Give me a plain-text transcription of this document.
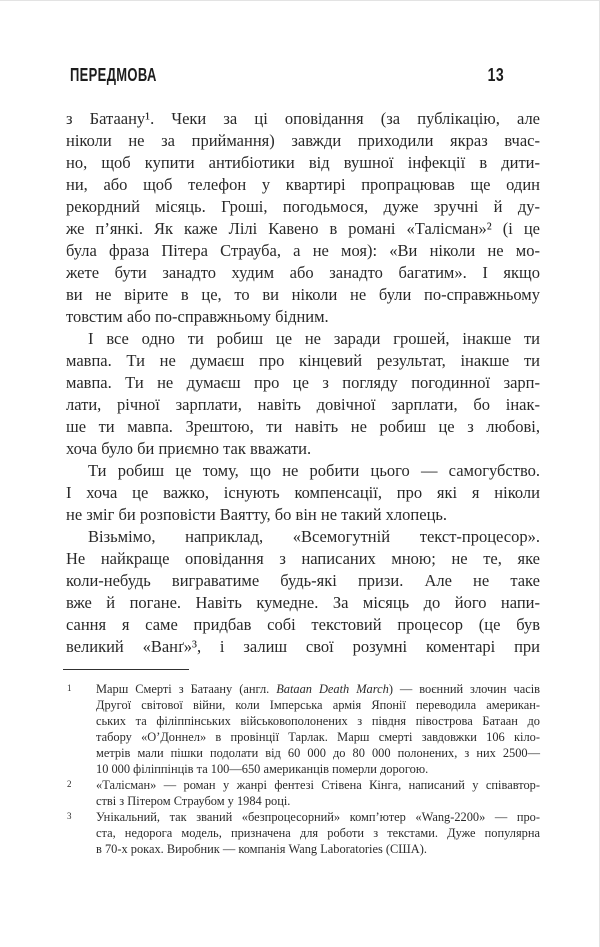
ПЕРЕДМОВА	13
з Батаану¹. Чеки за ці оповідання (за публікацію, але
ніколи не за приймання) завжди приходили якраз вчас-
но, щоб купити антибіотики від вушної інфекції в дити-
ни, або щоб телефон у квартирі пропрацював ще один
рекордний місяць. Гроші, погодьмося, дуже зручні й ду-
же п’янкі. Як каже Лілі Кавено в романі «Талісман»² (і це
була фраза Пітера Страуба, а не моя): «Ви ніколи не мо-
жете бути занадто худим або занадто багатим». І якщо
ви не вірите в це, то ви ніколи не були по-справжньому
товстим або по-справжньому бідним.
І все одно ти робиш це не заради грошей, інакше ти
мавпа. Ти не думаєш про кінцевий результат, інакше ти
мавпа. Ти не думаєш про це з погляду погодинної зарп-
лати, річної зарплати, навіть довічної зарплати, бо інак-
ше ти мавпа. Зрештою, ти навіть не робиш це з любові,
хоча було би приємно так вважати.
Ти робиш це тому, що не робити цього — самогубство.
І хоча це важко, існують компенсації, про які я ніколи
не зміг би розповісти Ваятту, бо він не такий хлопець.
Візьмімо, наприклад, «Всемогутній текст-процесор».
Не найкраще оповідання з написаних мною; не те, яке
коли-небудь виграватиме будь-які призи. Але не таке
вже й погане. Навіть кумедне. За місяць до його напи-
сання я саме придбав собі текстовий процесор (це був
великий «Ванґ»³, і залиш свої розумні коментарі при
1 Марш Смерті з Батаану (англ. Bataan Death March) — воєнний злочин часів
Другої світової війни, коли Імперська армія Японії переводила американ-
ських та філіппінських військовополонених з півдня півострова Батаан до
табору «О’Доннел» в провінції Тарлак. Марш смерті завдовжки 106 кіло-
метрів мали пішки подолати від 60 000 до 80 000 полонених, з них 2500—
10 000 філіппінців та 100—650 американців померли дорогою.
2 «Талісман» — роман у жанрі фентезі Стівена Кінга, написаний у співавтор-
стві з Пітером Страубом у 1984 році.
3 Унікальний, так званий «безпроцесорний» комп’ютер «Wang-2200» — про-
ста, недорога модель, призначена для роботи з текстами. Дуже популярна
в 70-х роках. Виробник — компанія Wang Laboratories (США).
